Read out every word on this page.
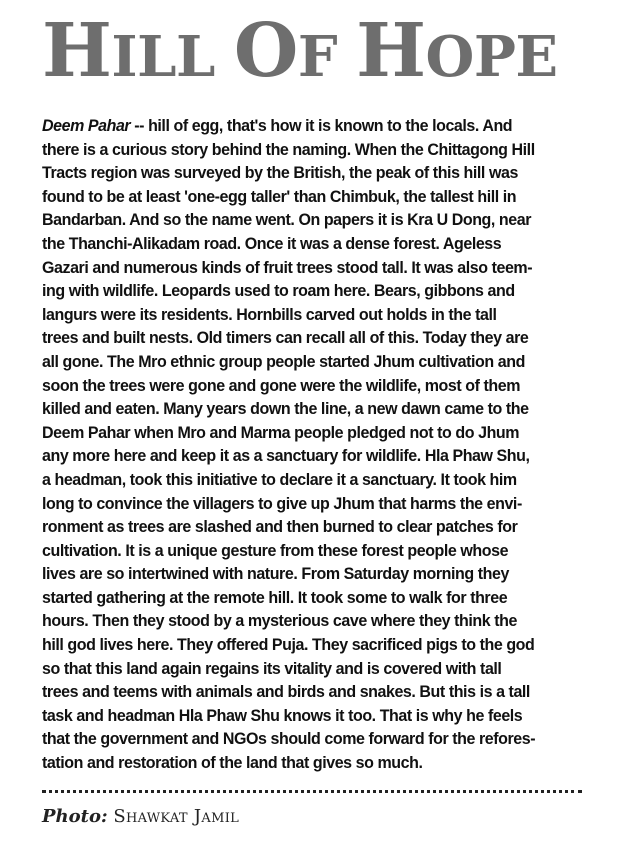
HILL OF HOPE

Deem Pahar -- hill of egg, that's how it is known to the locals. And
there is a curious story behind the naming. When the Chittagong Hill
Tracts region was surveyed by the British, the peak of this hill was
found to be at least 'one-egg taller' than Chimbuk, the tallest hill in
Bandarban. And so the name went. On papers it is Kra U Dong, near
the Thanchi-Alikadam road. Once it was a dense forest. Ageless
Gazari and numerous kinds of fruit trees stood tall. It was also teem-
ing with wildlife. Leopards used to roam here. Bears, gibbons and
langurs were its residents. Hornbills carved out holds in the tall
trees and built nests. Old timers can recall all of this. Today they are
all gone. The Mro ethnic group people started Jhum cultivation and
soon the trees were gone and gone were the wildlife, most of them
killed and eaten. Many years down the line, a new dawn came to the
Deem Pahar when Mro and Marma people pledged not to do Jhum
any more here and keep it as a sanctuary for wildlife. Hla Phaw Shu,
a headman, took this initiative to declare it a sanctuary. It took him
long to convince the villagers to give up Jhum that harms the envi-
ronment as trees are slashed and then burned to clear patches for
cultivation. It is a unique gesture from these forest people whose
lives are so intertwined with nature. From Saturday morning they
started gathering at the remote hill. It took some to walk for three
hours. Then they stood by a mysterious cave where they think the
hill god lives here. They offered Puja. They sacrificed pigs to the god
so that this land again regains its vitality and is covered with tall
trees and teems with animals and birds and snakes. But this is a tall
task and headman Hla Phaw Shu knows it too. That is why he feels
that the government and NGOs should come forward for the refores-
tation and restoration of the land that gives so much.

Photo: Shawkat Jamil
